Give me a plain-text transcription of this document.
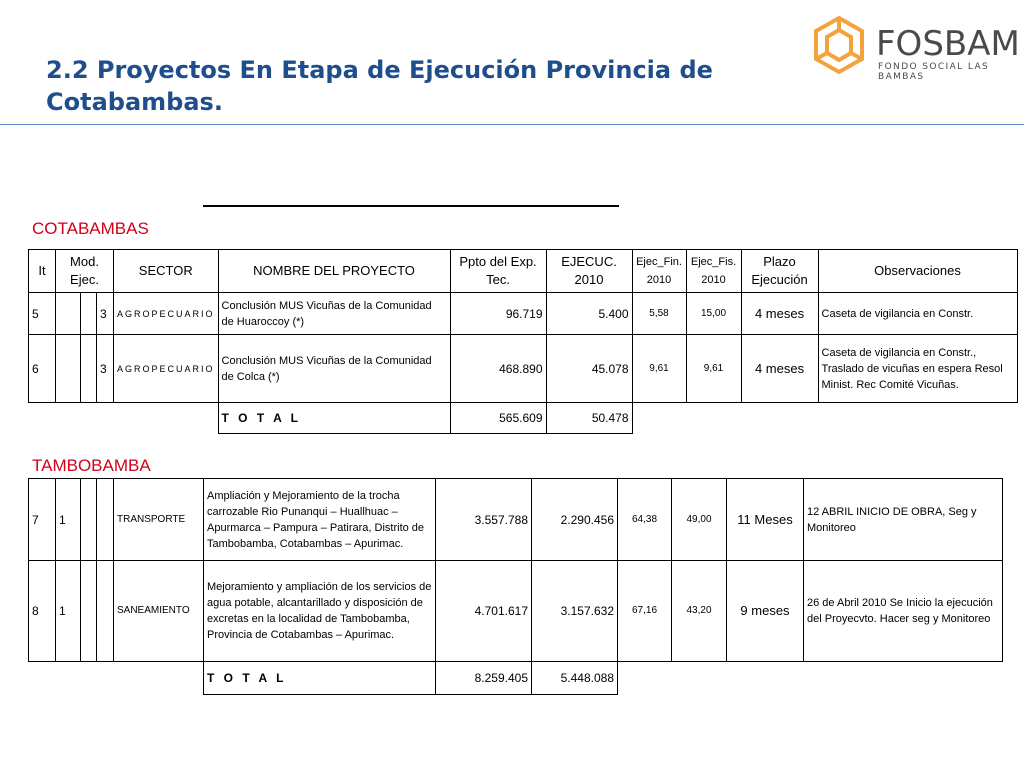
2.2 Proyectos En Etapa de Ejecución Provincia de Cotabambas.
FOSBAM
FONDO SOCIAL LAS BAMBAS
COTABAMBAS
It	Mod. Ejec.			SECTOR	NOMBRE DEL PROYECTO	Ppto del Exp. Tec.	EJECUC. 2010	Ejec_Fin. 2010	Ejec_Fis. 2010	Plazo Ejecución	Observaciones
5			3	AGROPECUARIO	Conclusión MUS Vicuñas de la Comunidad de Huaroccoy (*)	96.719	5.400	5,58	15,00	4 meses	Caseta de vigilancia en Constr.
6			3	AGROPECUARIO	Conclusión MUS Vicuñas de la Comunidad de Colca (*)	468.890	45.078	9,61	9,61	4 meses	Caseta de vigilancia en Constr., Traslado de vicuñas en espera Resol Minist. Rec Comité Vicuñas.
					T O T A L	565.609	50.478				
TAMBOBAMBA
7	1			TRANSPORTE	Ampliación y Mejoramiento de la trocha carrozable Rio Punanqui – Huallhuac – Apurmarca – Pampura – Patirara, Distrito de Tambobamba, Cotabambas – Apurimac.	3.557.788	2.290.456	64,38	49,00	11 Meses	12 ABRIL INICIO DE OBRA, Seg y Monitoreo
8	1			SANEAMIENTO	Mejoramiento y ampliación de los servicios de agua potable, alcantarillado y disposición de excretas en la localidad de Tambobamba, Provincia de Cotabambas – Apurimac.	4.701.617	3.157.632	67,16	43,20	9 meses	26 de Abril 2010 Se Inicio la ejecución del Proyecvto. Hacer seg y Monitoreo
					T O T A L	8.259.405	5.448.088				
